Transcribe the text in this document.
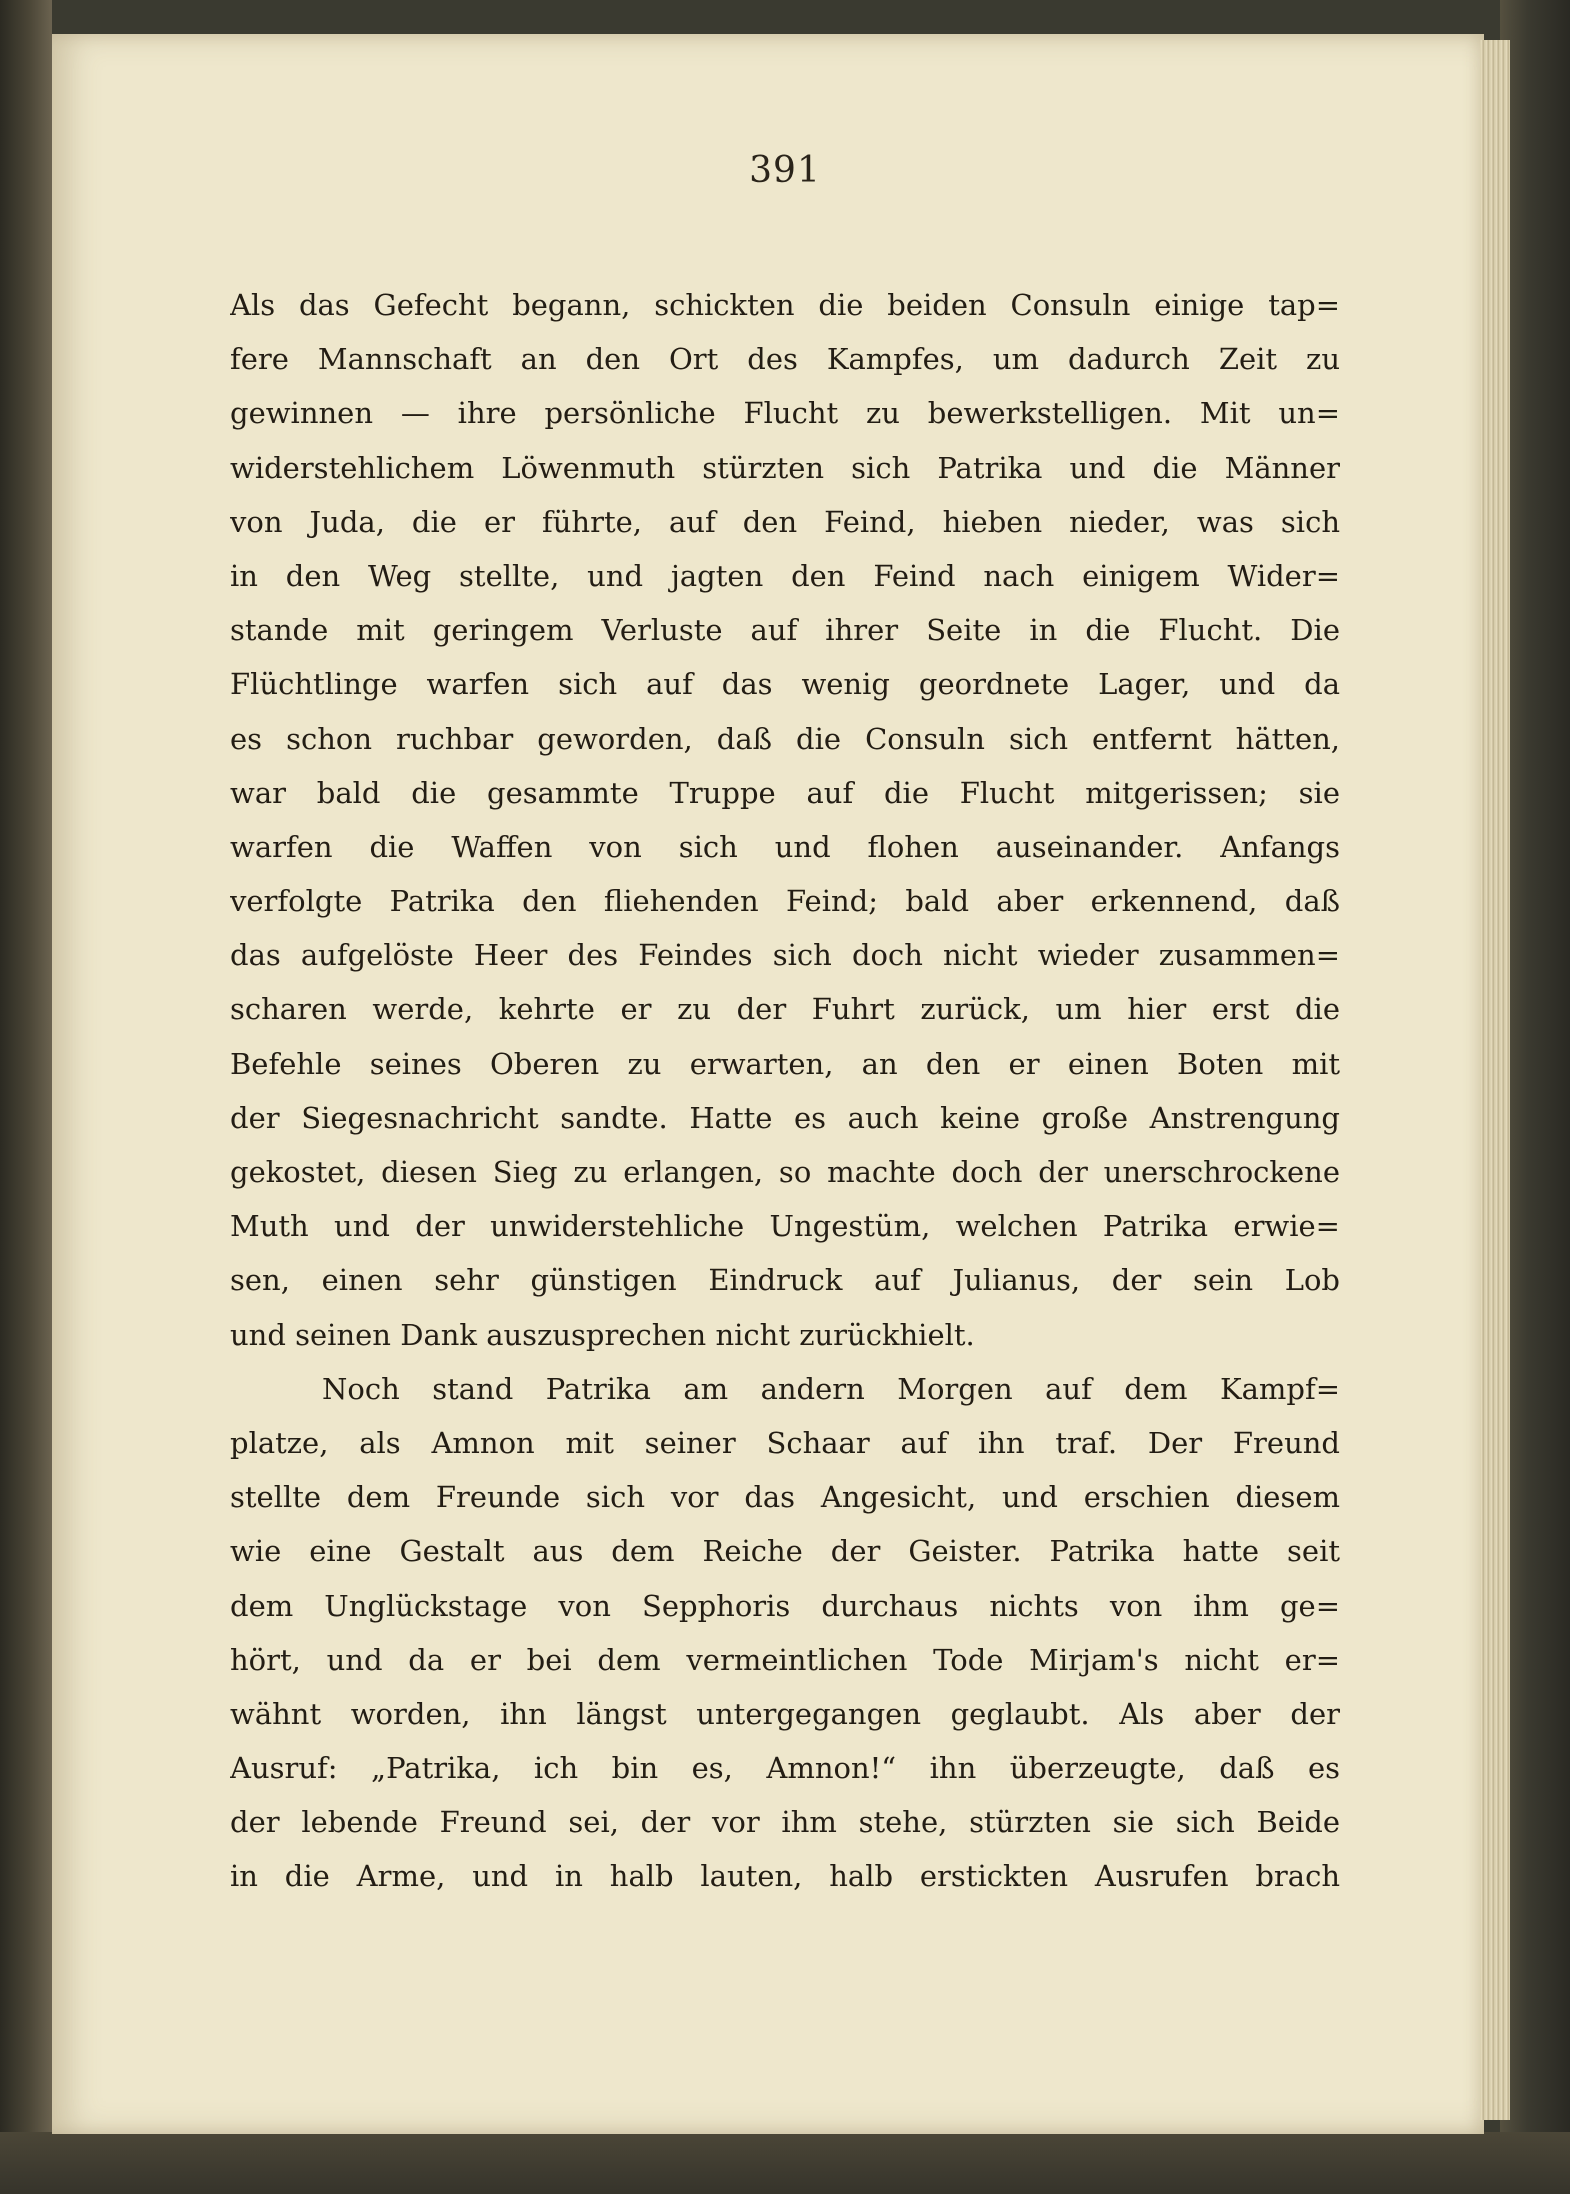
391
Als das Gefecht begann, schickten die beiden Consuln einige tap=
fere Mannschaft an den Ort des Kampfes, um dadurch Zeit zu
gewinnen — ihre persönliche Flucht zu bewerkstelligen. Mit un=
widerstehlichem Löwenmuth stürzten sich Patrika und die Männer
von Juda, die er führte, auf den Feind, hieben nieder, was sich
in den Weg stellte, und jagten den Feind nach einigem Wider=
stande mit geringem Verluste auf ihrer Seite in die Flucht. Die
Flüchtlinge warfen sich auf das wenig geordnete Lager, und da
es schon ruchbar geworden, daß die Consuln sich entfernt hätten,
war bald die gesammte Truppe auf die Flucht mitgerissen; sie
warfen die Waffen von sich und flohen auseinander. Anfangs
verfolgte Patrika den fliehenden Feind; bald aber erkennend, daß
das aufgelöste Heer des Feindes sich doch nicht wieder zusammen=
scharen werde, kehrte er zu der Fuhrt zurück, um hier erst die
Befehle seines Oberen zu erwarten, an den er einen Boten mit
der Siegesnachricht sandte. Hatte es auch keine große Anstrengung
gekostet, diesen Sieg zu erlangen, so machte doch der unerschrockene
Muth und der unwiderstehliche Ungestüm, welchen Patrika erwie=
sen, einen sehr günstigen Eindruck auf Julianus, der sein Lob
und seinen Dank auszusprechen nicht zurückhielt.
Noch stand Patrika am andern Morgen auf dem Kampf=
platze, als Amnon mit seiner Schaar auf ihn traf. Der Freund
stellte dem Freunde sich vor das Angesicht, und erschien diesem
wie eine Gestalt aus dem Reiche der Geister. Patrika hatte seit
dem Unglückstage von Sepphoris durchaus nichts von ihm ge=
hört, und da er bei dem vermeintlichen Tode Mirjam's nicht er=
wähnt worden, ihn längst untergegangen geglaubt. Als aber der
Ausruf: „Patrika, ich bin es, Amnon!“ ihn überzeugte, daß es
der lebende Freund sei, der vor ihm stehe, stürzten sie sich Beide
in die Arme, und in halb lauten, halb erstickten Ausrufen brach
